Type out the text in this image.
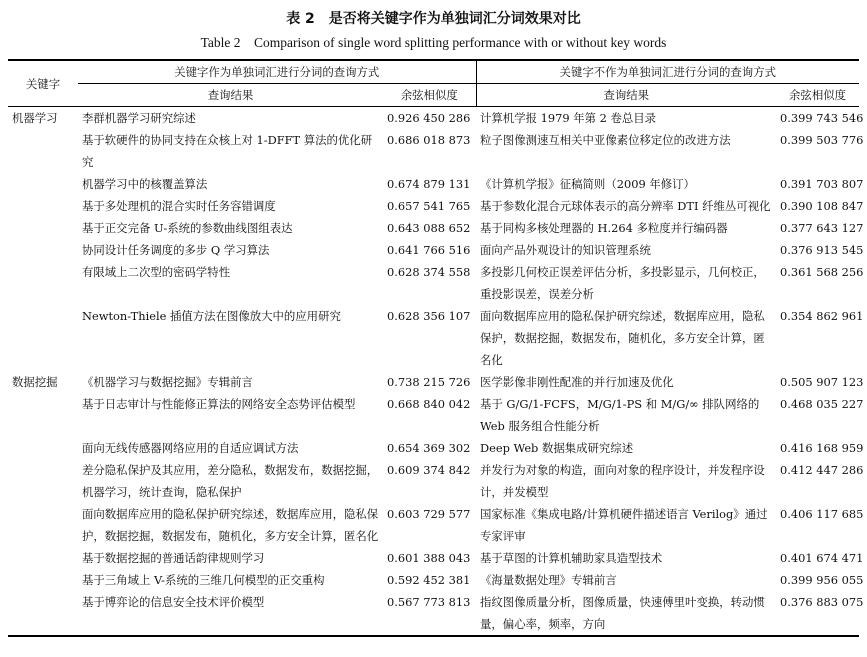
表 2　是否将关键字作为单独词汇分词效果对比
Table 2　Comparison of single word splitting performance with or without key words
关键字	关键字作为单独词汇进行分词的查询方式		关键字不作为单独词汇进行分词的查询方式	
	查询结果	余弦相似度	查询结果	余弦相似度
机器学习	李群机器学习研究综述	0.926 450 286	计算机学报 1979 年第 2 卷总目录	0.399 743 546
	基于软硬件的协同支持在众核上对 1-DFFT 算法的优化研究	0.686 018 873	粒子图像测速互相关中亚像素位移定位的改进方法	0.399 503 776
	机器学习中的核覆盖算法	0.674 879 131	《计算机学报》征稿简则（2009 年修订）	0.391 703 807
	基于多处理机的混合实时任务容错调度	0.657 541 765	基于参数化混合元球体表示的高分辨率 DTI 纤维丛可视化	0.390 108 847
	基于正交完备 U-系统的参数曲线图组表达	0.643 088 652	基于同构多核处理器的 H.264 多粒度并行编码器	0.377 643 127
	协同设计任务调度的多步 Q 学习算法	0.641 766 516	面向产品外观设计的知识管理系统	0.376 913 545
	有限域上二次型的密码学特性	0.628 374 558	多投影几何校正误差评估分析，多投影显示，几何校正，重投影误差，误差分析	0.361 568 256
	Newton-Thiele 插值方法在图像放大中的应用研究	0.628 356 107	面向数据库应用的隐私保护研究综述，数据库应用，隐私保护，数据挖掘，数据发布，随机化，多方安全计算，匿名化	0.354 862 961
数据挖掘	《机器学习与数据挖掘》专辑前言	0.738 215 726	医学影像非刚性配准的并行加速及优化	0.505 907 123
	基于日志审计与性能修正算法的网络安全态势评估模型	0.668 840 042	基于 G/G/1-FCFS，M/G/1-PS 和 M/G/∞ 排队网络的 Web 服务组合性能分析	0.468 035 227
	面向无线传感器网络应用的自适应调试方法	0.654 369 302	Deep Web 数据集成研究综述	0.416 168 959
	差分隐私保护及其应用，差分隐私，数据发布，数据挖掘，机器学习，统计查询，隐私保护	0.609 374 842	并发行为对象的构造，面向对象的程序设计，并发程序设计，并发模型	0.412 447 286
	面向数据库应用的隐私保护研究综述，数据库应用，隐私保护，数据挖掘，数据发布，随机化，多方安全计算，匿名化	0.603 729 577	国家标准《集成电路/计算机硬件描述语言 Verilog》通过专家评审	0.406 117 685
	基于数据挖掘的普通话韵律规则学习	0.601 388 043	基于草图的计算机辅助家具造型技术	0.401 674 471
	基于三角域上 V-系统的三维几何模型的正交重构	0.592 452 381	《海量数据处理》专辑前言	0.399 956 055
	基于博弈论的信息安全技术评价模型	0.567 773 813	指纹图像质量分析，图像质量，快速傅里叶变换，转动惯量，偏心率，频率，方向	0.376 883 075
